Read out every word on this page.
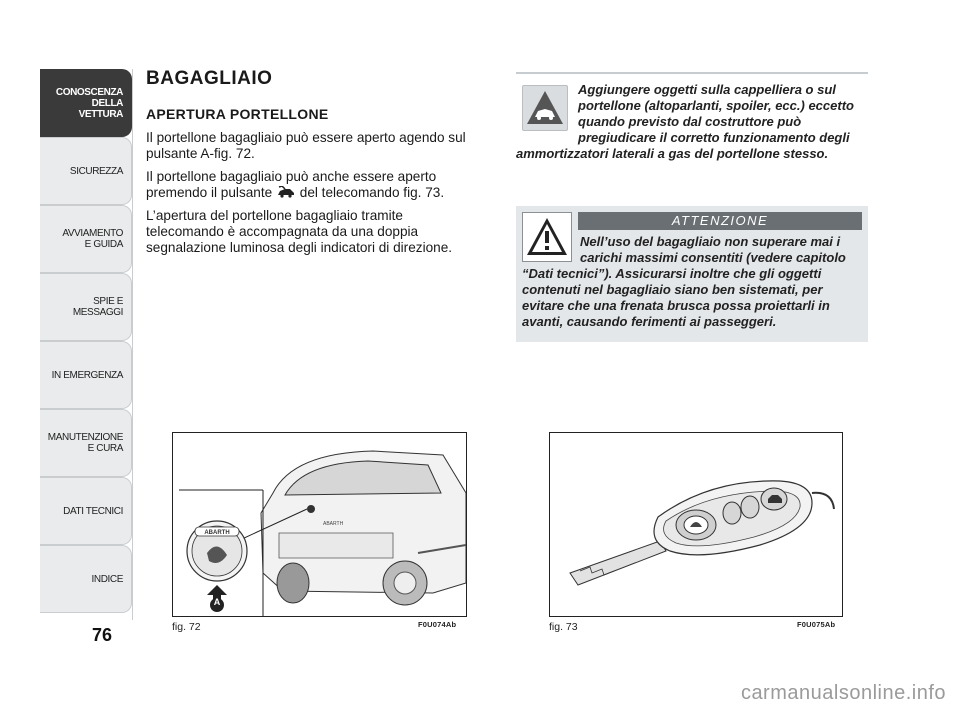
CONOSCENZA
DELLA
VETTURA
SICUREZZA
AVVIAMENTO
E GUIDA
SPIE E
MESSAGGI
IN EMERGENZA
MANUTENZIONE
E CURA
DATI TECNICI
INDICE
76
BAGAGLIAIO
APERTURA PORTELLONE

Il portellone bagagliaio può essere aperto agendo sul pulsante A-fig. 72.

Il portellone bagagliaio può anche essere aperto premendo il pulsante  del telecomando fig. 73.

L’apertura del portellone bagagliaio tramite telecomando è accompagnata da una doppia segnalazione luminosa degli indicatori di direzione.

Aggiungere oggetti sulla cappelliera o sul portellone (altoparlanti, spoiler, ecc.) eccetto quando previsto dal costruttore può pregiudicare il corretto funzionamento degli ammortizzatori laterali a gas del portellone stesso.
ATTENZIONE
Nell’uso del bagagliaio non superare mai i carichi massimi consentiti (vedere capitolo “Dati tecnici”). Assicurarsi inoltre che gli oggetti contenuti nel bagagliaio siano ben sistemati, per evitare che una frenata brusca possa proiettarli in avanti, causando ferimenti ai passeggeri.
ABARTH
ABARTH
A
fig. 72	F0U074Ab	fig. 73	F0U075Ab
carmanualsonline.info
